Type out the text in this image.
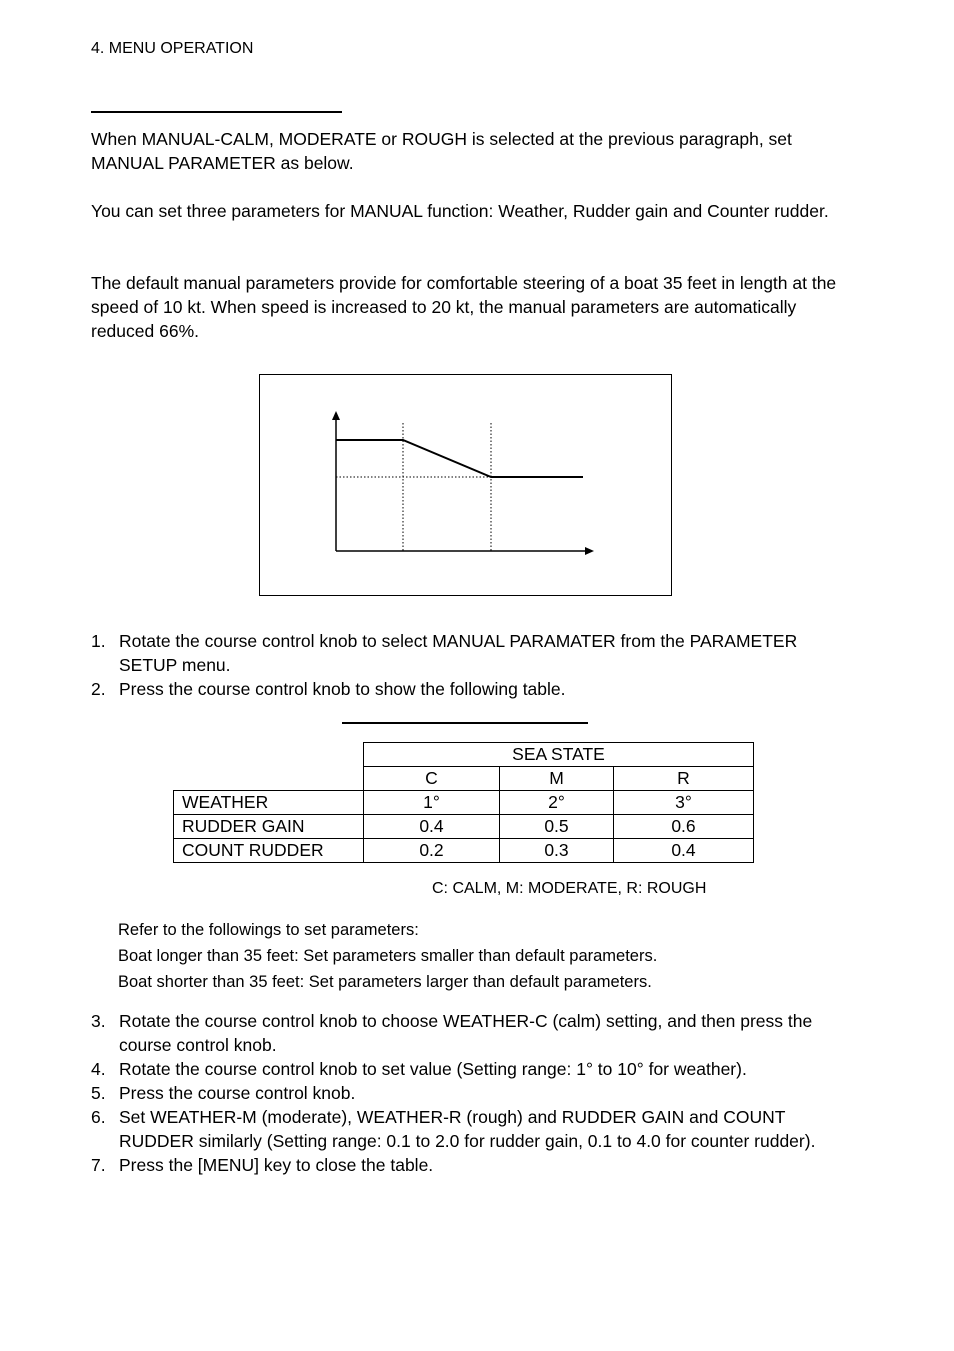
4. MENU OPERATION
When MANUAL-CALM, MODERATE or ROUGH is selected at the previous paragraph, set MANUAL PARAMETER as below.
You can set three parameters for MANUAL function: Weather, Rudder gain and Counter rudder.
The default manual parameters provide for comfortable steering of a boat 35 feet in length at the speed of 10 kt. When speed is increased to 20 kt, the manual parameters are automatically reduced 66%.
1. Rotate the course control knob to select MANUAL PARAMATER from the PARAMETER SETUP menu.
2. Press the course control knob to show the following table.
	SEA STATE		
	C	M	R
WEATHER	1°	2°	3°
RUDDER GAIN	0.4	0.5	0.6
COUNT RUDDER	0.2	0.3	0.4
C: CALM, M: MODERATE, R: ROUGH
Refer to the followings to set parameters:
Boat longer than 35 feet: Set parameters smaller than default parameters.
Boat shorter than 35 feet: Set parameters larger than default parameters.
3. Rotate the course control knob to choose WEATHER-C (calm) setting, and then press the course control knob.
4. Rotate the course control knob to set value (Setting range: 1° to 10° for weather).
5. Press the course control knob.
6. Set WEATHER-M (moderate), WEATHER-R (rough) and RUDDER GAIN and COUNT RUDDER similarly (Setting range: 0.1 to 2.0 for rudder gain, 0.1 to 4.0 for counter rudder).
7. Press the [MENU] key to close the table.
